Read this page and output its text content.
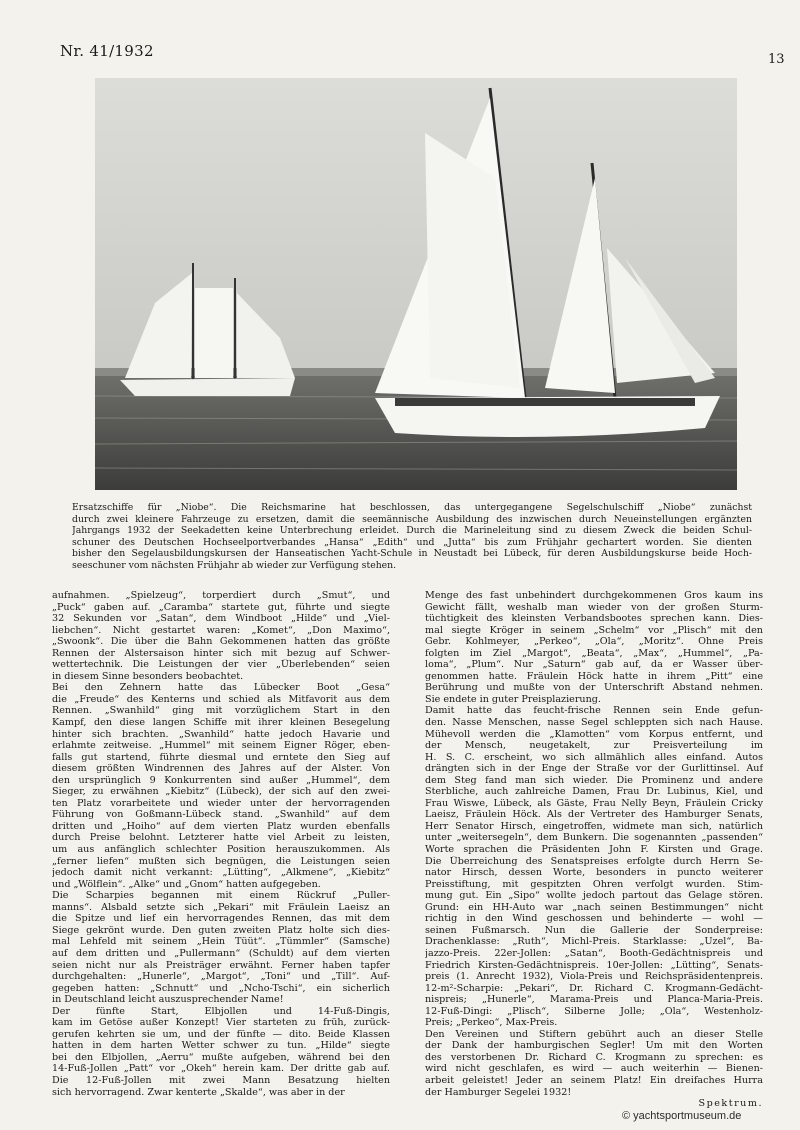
Nr. 41/1932	13
Ersatzschiffe für „Niobe“. Die Reichsmarine hat beschlossen, das untergegangene Segelschulschiff „Niobe“ zunächst
durch zwei kleinere Fahrzeuge zu ersetzen, damit die seemännische Ausbildung des inzwischen durch Neueinstellungen ergänzten
Jahrgangs 1932 der Seekadetten keine Unterbrechung erleidet. Durch die Marineleitung sind zu diesem Zweck die beiden Schul-
schuner des Deutschen Hochseelportverbandes „Hansa“ „Edith“ und „Jutta“ bis zum Frühjahr gechartert worden. Sie dienten
bisher den Segelausbildungskursen der Hanseatischen Yacht-Schule in Neustadt bei Lübeck, für deren Ausbildungskurse beide Hoch-
seeschuner vom nächsten Frühjahr ab wieder zur Verfügung stehen.
aufnahmen. „Spielzeug“, torperdiert durch „Smut“, und
„Puck“ gaben auf. „Caramba“ startete gut, führte und siegte
32 Sekunden vor „Satan“, dem Windboot „Hilde“ und „Viel-
liebchen“. Nicht gestartet waren: „Komet“, „Don Maximo“,
„Swoonk“. Die über die Bahn Gekommenen hatten das größte
Rennen der Alstersaison hinter sich mit bezug auf Schwer-
wettertechnik. Die Leistungen der vier „Überlebenden“ seien
in diesem Sinne besonders beobachtet.
Bei den Zehnern hatte das Lübecker Boot „Gesa“
die „Freude“ des Kenterns und schied als Mitfavorit aus dem
Rennen. „Swanhild“ ging mit vorzüglichem Start in den
Kampf, den diese langen Schiffe mit ihrer kleinen Besegelung
hinter sich brachten. „Swanhild“ hatte jedoch Havarie und
erlahmte zeitweise. „Hummel“ mit seinem Eigner Röger, eben-
falls gut startend, führte diesmal und erntete den Sieg auf
diesem größten Windrennen des Jahres auf der Alster. Von
den ursprünglich 9 Konkurrenten sind außer „Hummel“, dem
Sieger, zu erwähnen „Kiebitz“ (Lübeck), der sich auf den zwei-
ten Platz vorarbeitete und wieder unter der hervorragenden
Führung von Goßmann-Lübeck stand. „Swanhild“ auf dem
dritten und „Hoiho“ auf dem vierten Platz wurden ebenfalls
durch Preise belohnt. Letzterer hatte viel Arbeit zu leisten,
um aus anfänglich schlechter Position herauszukommen. Als
„ferner liefen“ mußten sich begnügen, die Leistungen seien
jedoch damit nicht verkannt: „Lütting“, „Alkmene“, „Kiebitz“
und „Wölflein“. „Alke“ und „Gnom“ hatten aufgegeben.
Die Scharpies begannen mit einem Rückruf „Puller-
manns“. Alsbald setzte sich „Pekari“ mit Fräulein Laeisz an
die Spitze und lief ein hervorragendes Rennen, das mit dem
Siege gekrönt wurde. Den guten zweiten Platz holte sich dies-
mal Lehfeld mit seinem „Hein Tüüt“. „Tümmler“ (Samsche)
auf dem dritten und „Pullermann“ (Schuldt) auf dem vierten
seien nicht nur als Preisträger erwähnt. Ferner haben tapfer
durchgehalten: „Hunerle“, „Margot“, „Toni“ und „Till“. Auf-
gegeben hatten: „Schnutt“ und „Ncho-Tschi“, ein sicherlich
in Deutschland leicht auszusprechender Name!
Der fünfte Start, Elbjollen und 14-Fuß-Dingis,
kam im Getöse außer Konzept! Vier starteten zu früh, zurück-
gerufen kehrten sie um, und der fünfte — dito. Beide Klassen
hatten in dem harten Wetter schwer zu tun. „Hilde“ siegte
bei den Elbjollen, „Aerru“ mußte aufgeben, während bei den
14-Fuß-Jollen „Patt“ vor „Okeh“ herein kam. Der dritte gab auf.
Die 12-Fuß-Jollen mit zwei Mann Besatzung hielten
sich hervorragend. Zwar kenterte „Skalde“, was aber in der
Menge des fast unbehindert durchgekommenen Gros kaum ins
Gewicht fällt, weshalb man wieder von der großen Sturm-
tüchtigkeit des kleinsten Verbandsbootes sprechen kann. Dies-
mal siegte Kröger in seinem „Schelm“ vor „Plisch“ mit den
Gebr. Kohlmeyer, „Perkeo“, „Ola“, „Moritz“. Ohne Preis
folgten im Ziel „Margot“, „Beata“, „Max“, „Hummel“, „Pa-
loma“, „Plum“. Nur „Saturn“ gab auf, da er Wasser über-
genommen hatte. Fräulein Höck hatte in ihrem „Pitt“ eine
Berührung und mußte von der Unterschrift Abstand nehmen.
Sie endete in guter Preisplazierung.
Damit hatte das feucht-frische Rennen sein Ende gefun-
den. Nasse Menschen, nasse Segel schleppten sich nach Hause.
Mühevoll werden die „Klamotten“ vom Korpus entfernt, und
der Mensch, neugetakelt, zur Preisverteilung im
H. S. C. erscheint, wo sich allmählich alles einfand. Autos
drängten sich in der Enge der Straße vor der Gurlittinsel. Auf
dem Steg fand man sich wieder. Die Prominenz und andere
Sterbliche, auch zahlreiche Damen, Frau Dr. Lubinus, Kiel, und
Frau Wiswe, Lübeck, als Gäste, Frau Nelly Beyn, Fräulein Cricky
Laeisz, Fräulein Höck. Als der Vertreter des Hamburger Senats,
Herr Senator Hirsch, eingetroffen, widmete man sich, natürlich
unter „weitersegeln“, dem Bunkern. Die sogenannten „passenden“
Worte sprachen die Präsidenten John F. Kirsten und Grage.
Die Überreichung des Senatspreises erfolgte durch Herrn Se-
nator Hirsch, dessen Worte, besonders in puncto weiterer
Preisstiftung, mit gespitzten Ohren verfolgt wurden. Stim-
mung gut. Ein „Sipo“ wollte jedoch partout das Gelage stören.
Grund: ein HH-Auto war „nach seinen Bestimmungen“ nicht
richtig in den Wind geschossen und behinderte — wohl —
seinen Fußmarsch. Nun die Gallerie der Sonderpreise:
Drachenklasse: „Ruth“, Michl-Preis. Starklasse: „Uzel“, Ba-
jazzo-Preis. 22er-Jollen: „Satan“, Booth-Gedächtnispreis und
Friedrich Kirsten-Gedächtnispreis. 10er-Jollen: „Lütting“, Senats-
preis (1. Anrecht 1932), Viola-Preis und Reichspräsidentenpreis.
12-m²-Scharpie: „Pekari“, Dr. Richard C. Krogmann-Gedächt-
nispreis; „Hunerle“, Marama-Preis und Planca-Maria-Preis.
12-Fuß-Dingi: „Plisch“, Silberne Jolle; „Ola“, Westenholz-
Preis; „Perkeo“, Max-Preis.
Den Vereinen und Stiftern gebührt auch an dieser Stelle
der Dank der hamburgischen Segler! Um mit den Worten
des verstorbenen Dr. Richard C. Krogmann zu sprechen: es
wird nicht geschlafen, es wird — auch weiterhin — Bienen-
arbeit geleistet! Jeder an seinem Platz! Ein dreifaches Hurra
der Hamburger Segelei 1932!
Spektrum.
© yachtsportmuseum.de
